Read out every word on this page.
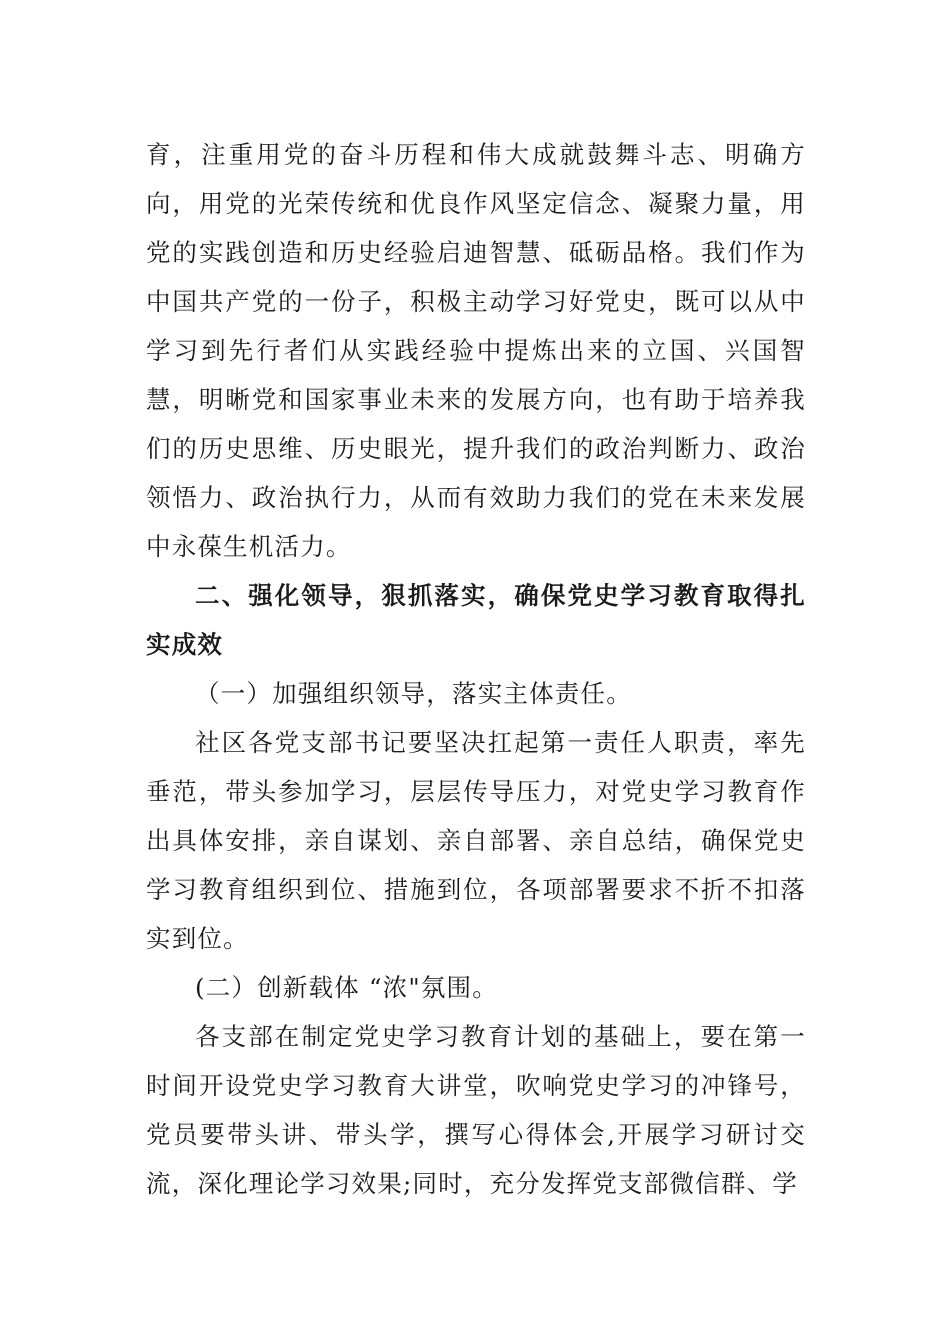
育，注重用党的奋斗历程和伟大成就鼓舞斗志、明确方向，用党的光荣传统和优良作风坚定信念、凝聚力量，用党的实践创造和历史经验启迪智慧、砥砺品格。我们作为中国共产党的一份子，积极主动学习好党史，既可以从中学习到先行者们从实践经验中提炼出来的立国、兴国智慧，明晰党和国家事业未来的发展方向，也有助于培养我们的历史思维、历史眼光，提升我们的政治判断力、政治领悟力、政治执行力，从而有效助力我们的党在未来发展中永葆生机活力。

二、强化领导，狠抓落实，确保党史学习教育取得扎实成效

（一）加强组织领导，落实主体责任。

社区各党支部书记要坚决扛起第一责任人职责，率先垂范，带头参加学习，层层传导压力，对党史学习教育作出具体安排，亲自谋划、亲自部署、亲自总结，确保党史学习教育组织到位、措施到位，各项部署要求不折不扣落实到位。

(二）创新载体 “浓"氛围。

各支部在制定党史学习教育计划的基础上，要在第一时间开设党史学习教育大讲堂，吹响党史学习的冲锋号，党员要带头讲、带头学，撰写心得体会,开展学习研讨交流，深化理论学习效果;同时，充分发挥党支部微信群、学
